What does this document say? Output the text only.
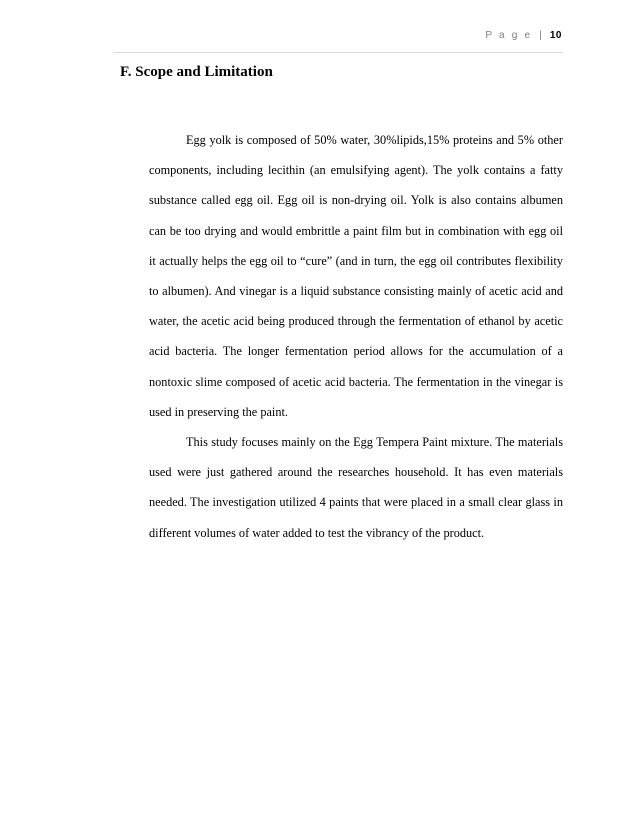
P a g e | 10
F. Scope and Limitation

Egg yolk is composed of 50% water, 30%lipids,15% proteins and 5% other components, including lecithin (an emulsifying agent). The yolk contains a fatty substance called egg oil. Egg oil is non-drying oil. Yolk is also contains albumen can be too drying and would embrittle a paint film but in combination with egg oil it actually helps the egg oil to “cure” (and in turn, the egg oil contributes flexibility to albumen). And vinegar is a liquid substance consisting mainly of acetic acid and water, the acetic acid being produced through the fermentation of ethanol by acetic acid bacteria. The longer fermentation period allows for the accumulation of a nontoxic slime composed of acetic acid bacteria. The fermentation in the vinegar is used in preserving the paint.

This study focuses mainly on the Egg Tempera Paint mixture. The materials used were just gathered around the researches household. It has even materials needed. The investigation utilized 4 paints that were placed in a small clear glass in different volumes of water added to test the vibrancy of the product.
